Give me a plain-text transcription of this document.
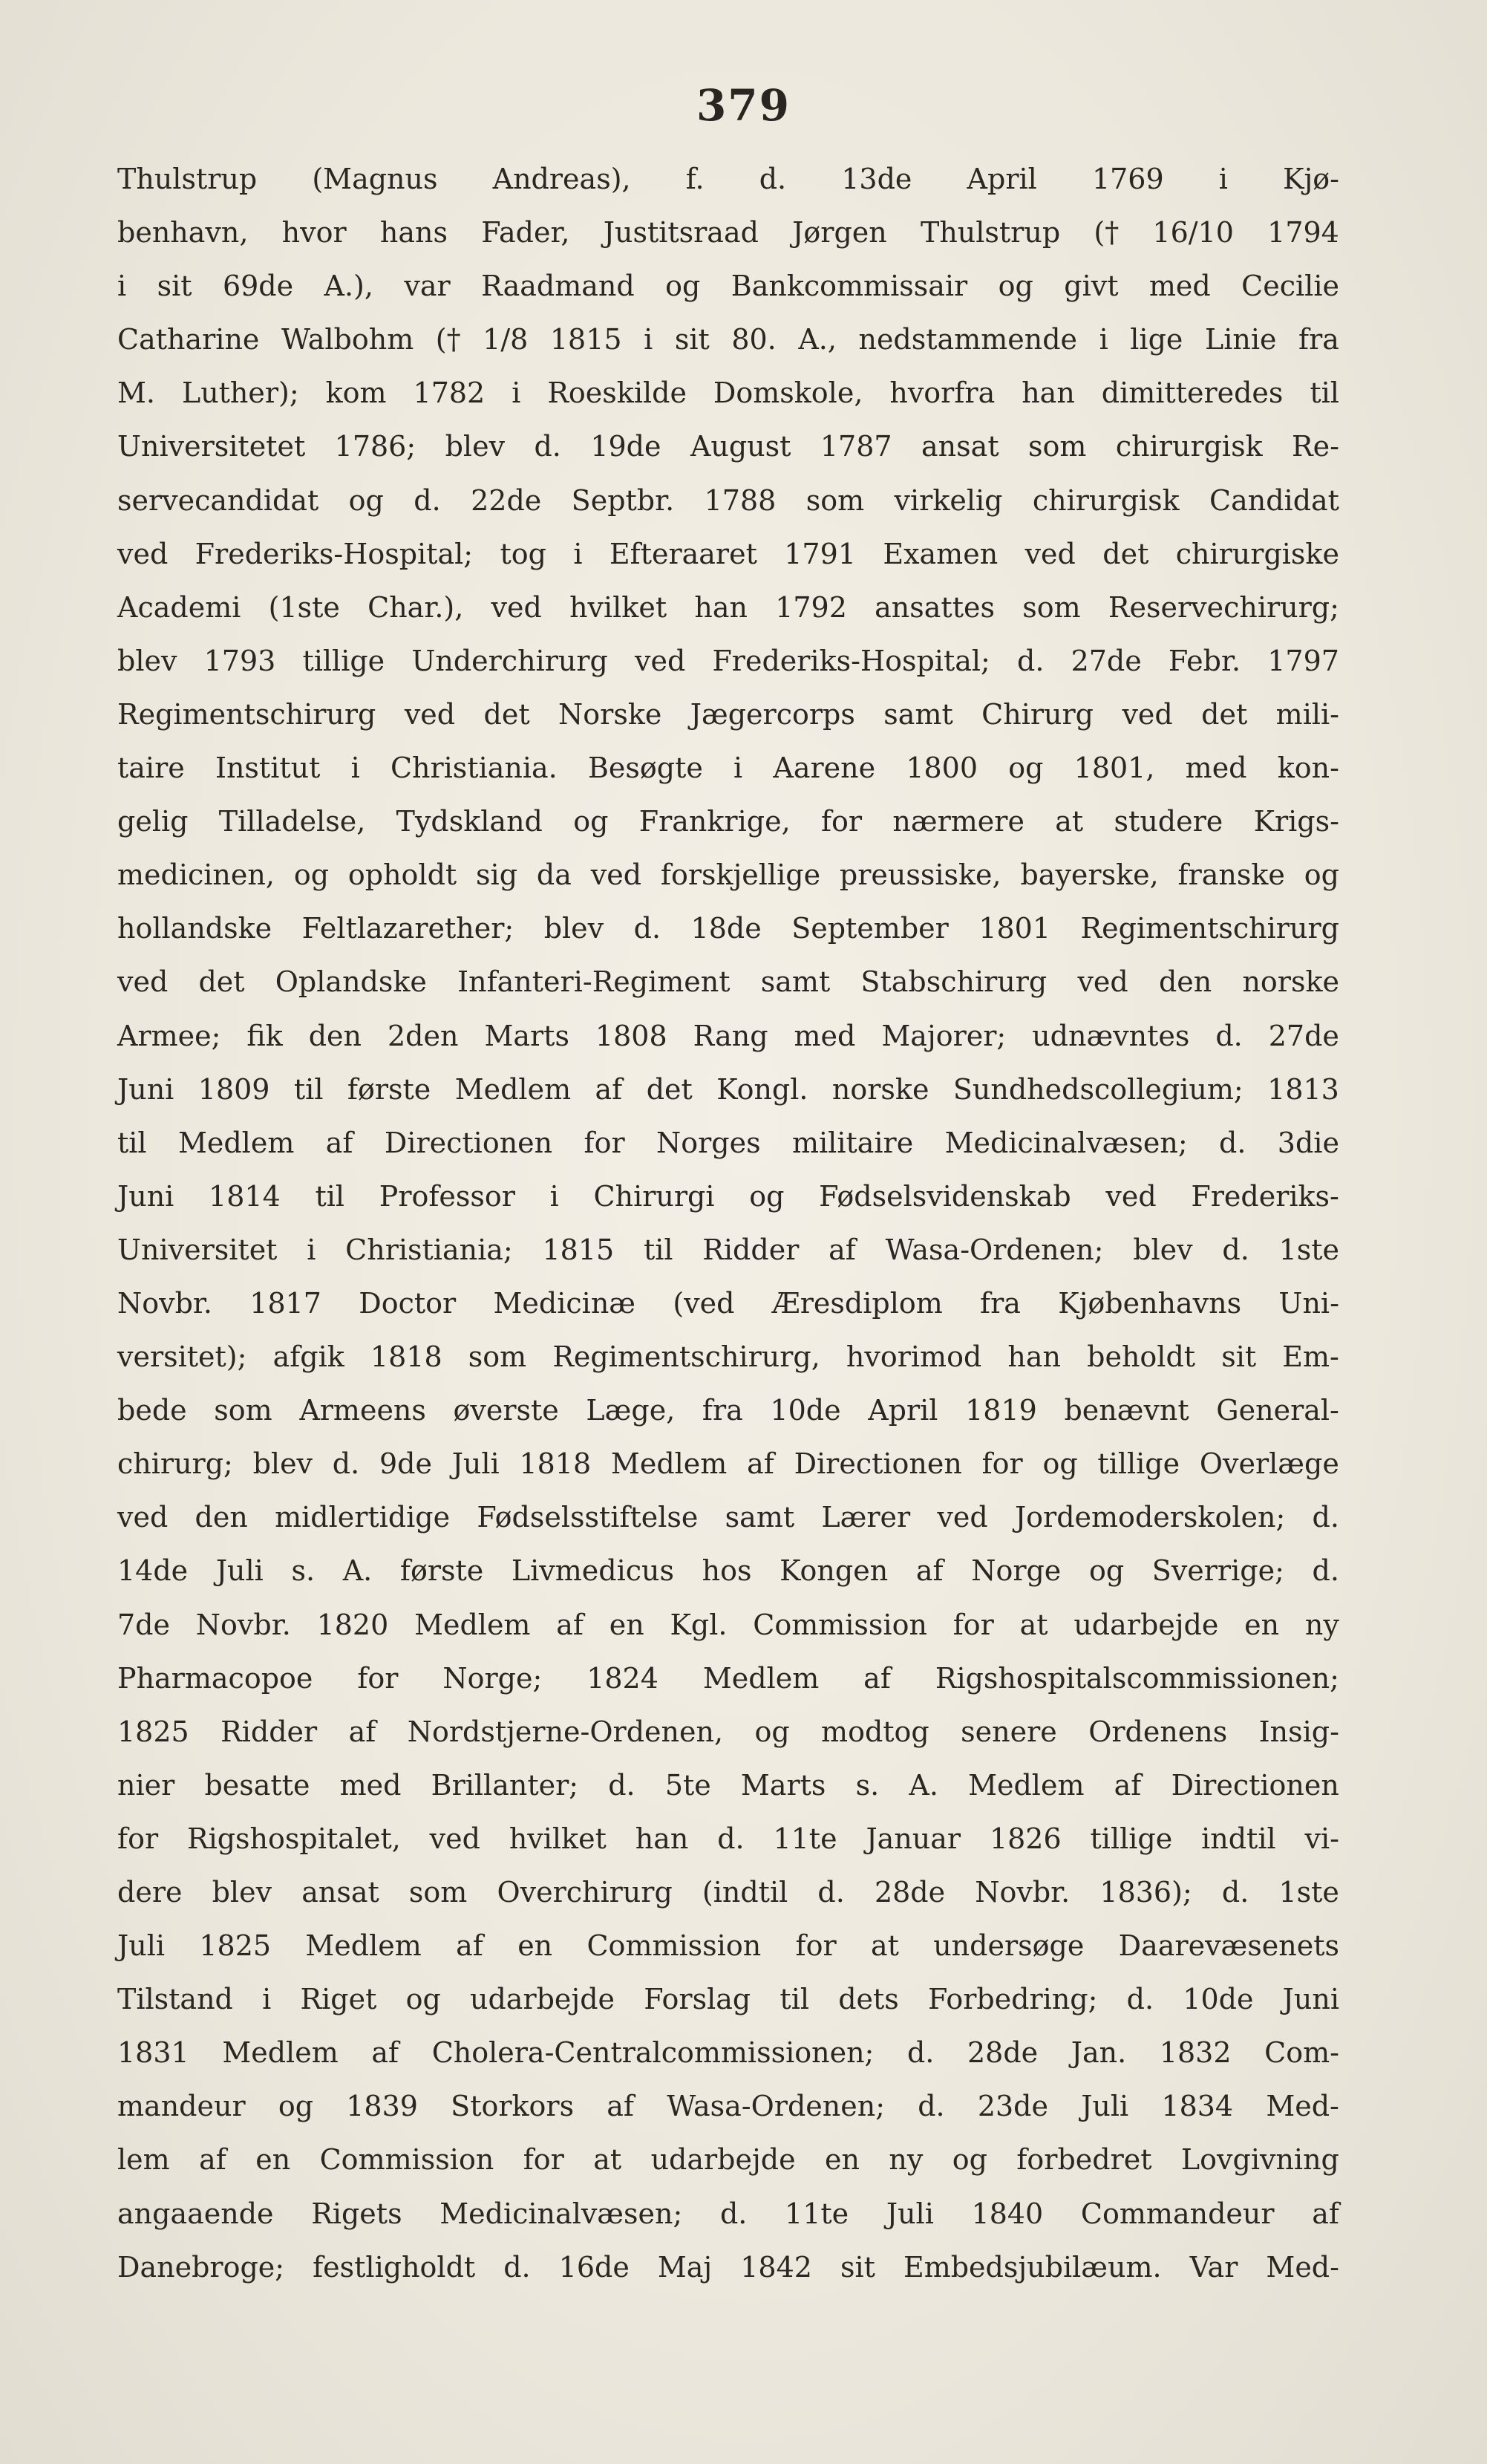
379
Thulstrup (Magnus Andreas), f. d. 13de April 1769 i Kjø-
benhavn, hvor hans Fader, Justitsraad Jørgen Thulstrup († 16/10 1794
i sit 69de A.), var Raadmand og Bankcommissair og givt med Cecilie
Catharine Walbohm († 1/8 1815 i sit 80. A., nedstammende i lige Linie fra
M. Luther); kom 1782 i Roeskilde Domskole, hvorfra han dimitteredes til
Universitetet 1786; blev d. 19de August 1787 ansat som chirurgisk Re-
servecandidat og d. 22de Septbr. 1788 som virkelig chirurgisk Candidat
ved Frederiks-Hospital; tog i Efteraaret 1791 Examen ved det chirurgiske
Academi (1ste Char.), ved hvilket han 1792 ansattes som Reservechirurg;
blev 1793 tillige Underchirurg ved Frederiks-Hospital; d. 27de Febr. 1797
Regimentschirurg ved det Norske Jægercorps samt Chirurg ved det mili-
taire Institut i Christiania. Besøgte i Aarene 1800 og 1801, med kon-
gelig Tilladelse, Tydskland og Frankrige, for nærmere at studere Krigs-
medicinen, og opholdt sig da ved forskjellige preussiske, bayerske, franske og
hollandske Feltlazarether; blev d. 18de September 1801 Regimentschirurg
ved det Oplandske Infanteri-Regiment samt Stabschirurg ved den norske
Armee; fik den 2den Marts 1808 Rang med Majorer; udnævntes d. 27de
Juni 1809 til første Medlem af det Kongl. norske Sundhedscollegium; 1813
til Medlem af Directionen for Norges militaire Medicinalvæsen; d. 3die
Juni 1814 til Professor i Chirurgi og Fødselsvidenskab ved Frederiks-
Universitet i Christiania; 1815 til Ridder af Wasa-Ordenen; blev d. 1ste
Novbr. 1817 Doctor Medicinæ (ved Æresdiplom fra Kjøbenhavns Uni-
versitet); afgik 1818 som Regimentschirurg, hvorimod han beholdt sit Em-
bede som Armeens øverste Læge, fra 10de April 1819 benævnt General-
chirurg; blev d. 9de Juli 1818 Medlem af Directionen for og tillige Overlæge
ved den midlertidige Fødselsstiftelse samt Lærer ved Jordemoderskolen; d.
14de Juli s. A. første Livmedicus hos Kongen af Norge og Sverrige; d.
7de Novbr. 1820 Medlem af en Kgl. Commission for at udarbejde en ny
Pharmacopoe for Norge; 1824 Medlem af Rigshospitalscommissionen;
1825 Ridder af Nordstjerne-Ordenen, og modtog senere Ordenens Insig-
nier besatte med Brillanter; d. 5te Marts s. A. Medlem af Directionen
for Rigshospitalet, ved hvilket han d. 11te Januar 1826 tillige indtil vi-
dere blev ansat som Overchirurg (indtil d. 28de Novbr. 1836); d. 1ste
Juli 1825 Medlem af en Commission for at undersøge Daarevæsenets
Tilstand i Riget og udarbejde Forslag til dets Forbedring; d. 10de Juni
1831 Medlem af Cholera-Centralcommissionen; d. 28de Jan. 1832 Com-
mandeur og 1839 Storkors af Wasa-Ordenen; d. 23de Juli 1834 Med-
lem af en Commission for at udarbejde en ny og forbedret Lovgivning
angaaende Rigets Medicinalvæsen; d. 11te Juli 1840 Commandeur af
Danebroge; festligholdt d. 16de Maj 1842 sit Embedsjubilæum. Var Med-
